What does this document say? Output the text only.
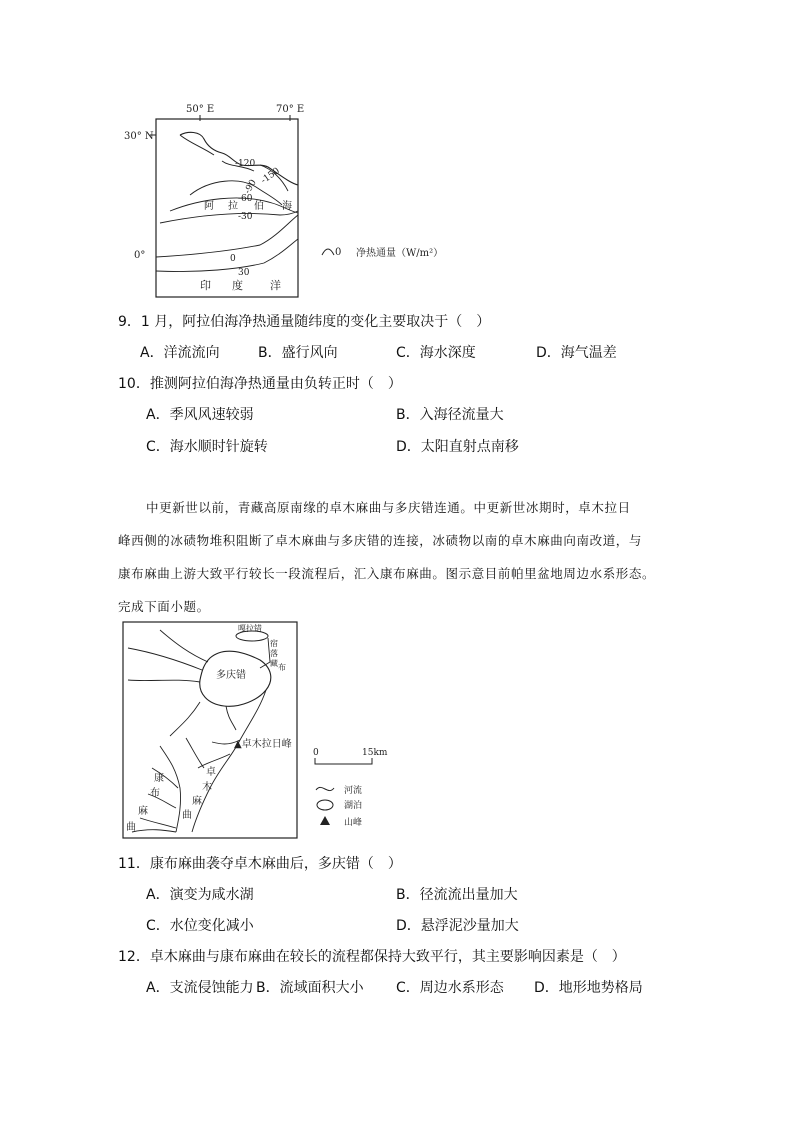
50° E	70° E
30° N
0°
-120
-150
-90
-60
-30
0
30
阿 拉 伯 海
印 度 洋
0 净热通量（W/m²）
9．1 月，阿拉伯海净热通量随纬度的变化主要取决于（　）
A．洋流流向	B．盛行风向	C．海水深度	D．海气温差
10．推测阿拉伯海净热通量由负转正时（　）
A．季风风速较弱	B．入海径流量大
C．海水顺时针旋转	D．太阳直射点南移

中更新世以前，青藏高原南缘的卓木麻曲与多庆错连通。中更新世冰期时，卓木拉日

峰西侧的冰碛物堆积阻断了卓木麻曲与多庆错的连接，冰碛物以南的卓木麻曲向南改道，与

康布麻曲上游大致平行较长一段流程后，汇入康布麻曲。图示意目前帕里盆地周边水系形态。

完成下面小题。

嘎拉错
宿
落
藏 布
多庆错
▲卓木拉日峰
卓
木
麻
曲
康
布
麻
曲
0	15km
河流
湖泊
山峰
11．康布麻曲袭夺卓木麻曲后，多庆错（　）
A．演变为咸水湖	B．径流流出量加大
C．水位变化减小	D．悬浮泥沙量加大
12．卓木麻曲与康布麻曲在较长的流程都保持大致平行，其主要影响因素是（　）
A．支流侵蚀能力 B．流域面积大小 C．周边水系形态 D．地形地势格局
